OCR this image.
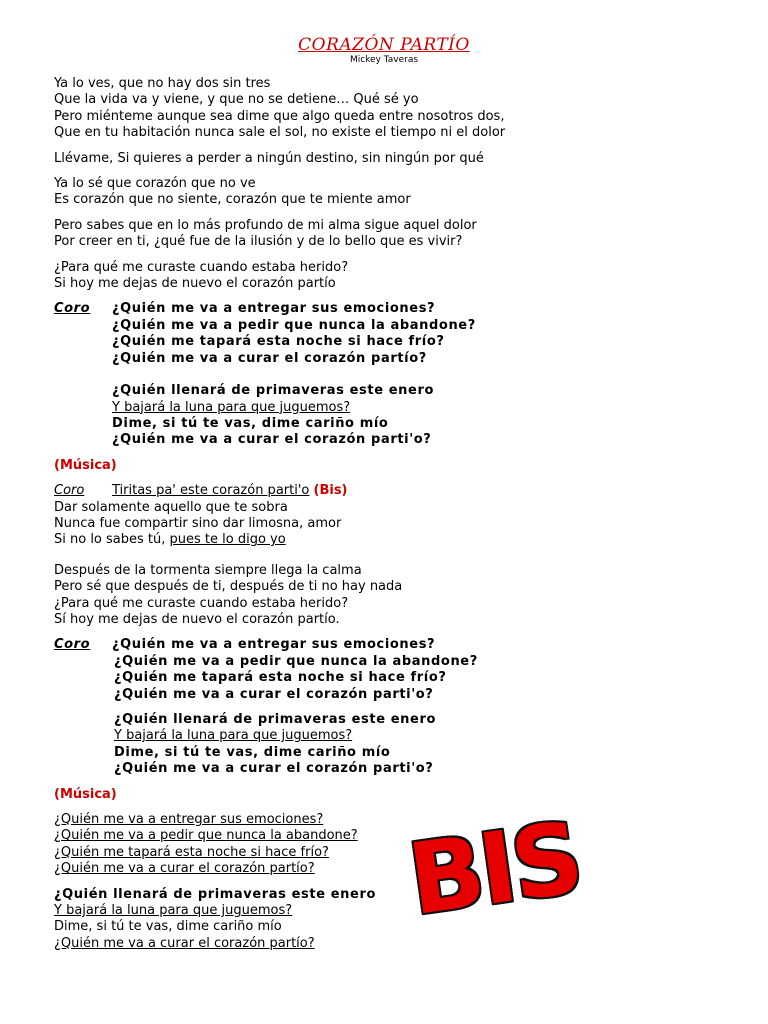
CORAZÓN PARTÍO
Mickey Taveras
Ya lo ves, que no hay dos sin tres
Que la vida va y viene, y que no se detiene… Qué sé yo
Pero miénteme aunque sea dime que algo queda entre nosotros dos,
Que en tu habitación nunca sale el sol, no existe el tiempo ni el dolor
Llévame, Si quieres a perder a ningún destino, sin ningún por qué
Ya lo sé que corazón que no ve
Es corazón que no siente, corazón que te miente amor
Pero sabes que en lo más profundo de mi alma sigue aquel dolor
Por creer en ti, ¿qué fue de la ilusión y de lo bello que es vivir?
¿Para qué me curaste cuando estaba herido?
Si hoy me dejas de nuevo el corazón partío
Coro ¿Quién me va a entregar sus emociones?
¿Quién me va a pedir que nunca la abandone?
¿Quién me tapará esta noche si hace frío?
¿Quién me va a curar el corazón partío?
¿Quién llenará de primaveras este enero
Y bajará la luna para que juguemos?
Dime, si tú te vas, dime cariño mío
¿Quién me va a curar el corazón parti'o?
(Música)
Coro Tiritas pa' este corazón parti'o (Bis)
Dar solamente aquello que te sobra
Nunca fue compartir sino dar limosna, amor
Si no lo sabes tú, pues te lo digo yo
Después de la tormenta siempre llega la calma
Pero sé que después de ti, después de ti no hay nada
¿Para qué me curaste cuando estaba herido?
Sí hoy me dejas de nuevo el corazón partío.
Coro ¿Quién me va a entregar sus emociones?
¿Quién me va a pedir que nunca la abandone?
¿Quién me tapará esta noche si hace frío?
¿Quién me va a curar el corazón parti'o?
¿Quién llenará de primaveras este enero
Y bajará la luna para que juguemos?
Dime, si tú te vas, dime cariño mío
¿Quién me va a curar el corazón parti'o?
(Música)
¿Quién me va a entregar sus emociones?
¿Quién me va a pedir que nunca la abandone?
¿Quién me tapará esta noche si hace frío?
¿Quién me va a curar el corazón partío?
¿Quién llenará de primaveras este enero
Y bajará la luna para que juguemos?
Dime, si tú te vas, dime cariño mío
¿Quién me va a curar el corazón partío?
BIS
